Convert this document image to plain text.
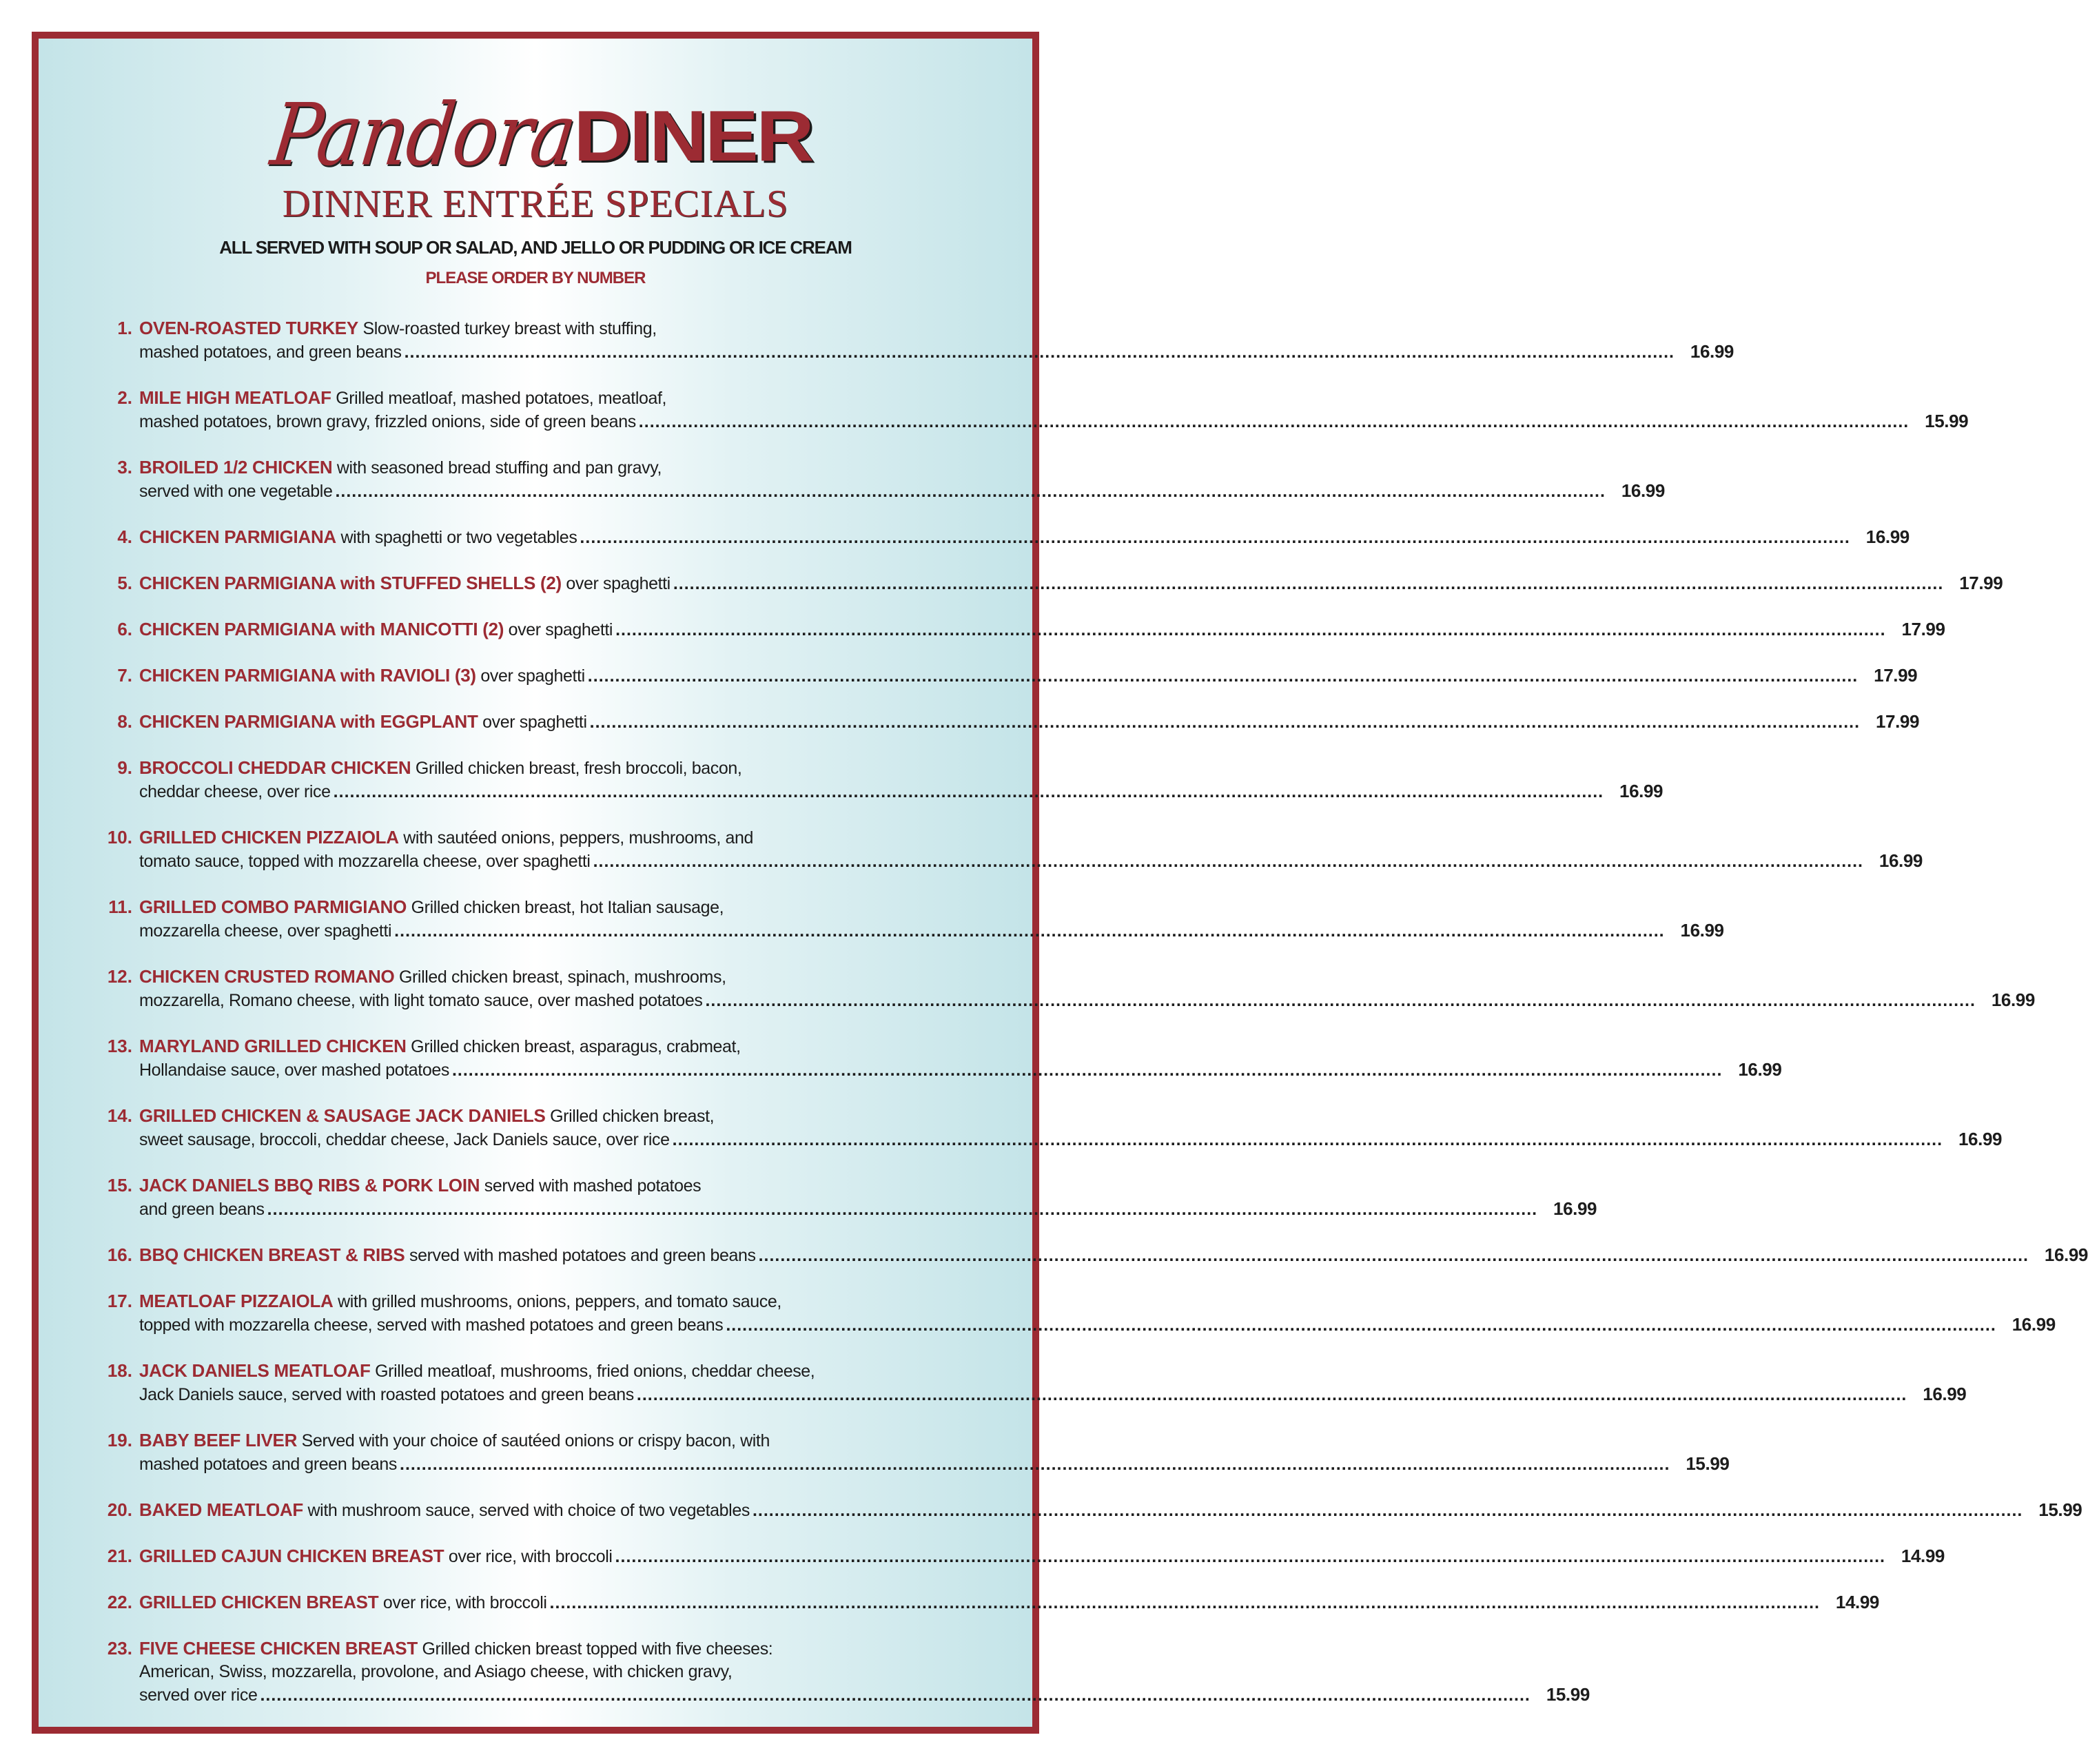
PandoraDINER
DINNER ENTRÉE SPECIALS
ALL SERVED WITH SOUP OR SALAD, AND JELLO OR PUDDING OR ICE CREAM
PLEASE ORDER BY NUMBER
1. OVEN-ROASTED TURKEY Slow-roasted turkey breast with stuffing,
mashed potatoes, and green beans .....	16.99
2. MILE HIGH MEATLOAF Grilled meatloaf, mashed potatoes, meatloaf,
mashed potatoes, brown gravy, frizzled onions, side of green beans .....	15.99
3. BROILED 1/2 CHICKEN with seasoned bread stuffing and pan gravy,
served with one vegetable .....	16.99
4. CHICKEN PARMIGIANA with spaghetti or two vegetables .....	16.99
5. CHICKEN PARMIGIANA with STUFFED SHELLS (2) over spaghetti .....	17.99
6. CHICKEN PARMIGIANA with MANICOTTI (2) over spaghetti .....	17.99
7. CHICKEN PARMIGIANA with RAVIOLI (3) over spaghetti .....	17.99
8. CHICKEN PARMIGIANA with EGGPLANT over spaghetti .....	17.99
9. BROCCOLI CHEDDAR CHICKEN Grilled chicken breast, fresh broccoli, bacon,
cheddar cheese, over rice .....	16.99
10. GRILLED CHICKEN PIZZAIOLA with sautéed onions, peppers, mushrooms, and
tomato sauce, topped with mozzarella cheese, over spaghetti .....	16.99
11. GRILLED COMBO PARMIGIANO Grilled chicken breast, hot Italian sausage,
mozzarella cheese, over spaghetti .....	16.99
12. CHICKEN CRUSTED ROMANO Grilled chicken breast, spinach, mushrooms,
mozzarella, Romano cheese, with light tomato sauce, over mashed potatoes .....	16.99
13. MARYLAND GRILLED CHICKEN Grilled chicken breast, asparagus, crabmeat,
Hollandaise sauce, over mashed potatoes .....	16.99
14. GRILLED CHICKEN & SAUSAGE JACK DANIELS Grilled chicken breast,
sweet sausage, broccoli, cheddar cheese, Jack Daniels sauce, over rice .....	16.99
15. JACK DANIELS BBQ RIBS & PORK LOIN served with mashed potatoes
and green beans .....	16.99
16. BBQ CHICKEN BREAST & RIBS served with mashed potatoes and green beans .....	16.99
17. MEATLOAF PIZZAIOLA with grilled mushrooms, onions, peppers, and tomato sauce,
topped with mozzarella cheese, served with mashed potatoes and green beans .....	16.99
18. JACK DANIELS MEATLOAF Grilled meatloaf, mushrooms, fried onions, cheddar cheese,
Jack Daniels sauce, served with roasted potatoes and green beans .....	16.99
19. BABY BEEF LIVER Served with your choice of sautéed onions or crispy bacon, with
mashed potatoes and green beans .....	15.99
20. BAKED MEATLOAF with mushroom sauce, served with choice of two vegetables .....	15.99
21. GRILLED CAJUN CHICKEN BREAST over rice, with broccoli .....	14.99
22. GRILLED CHICKEN BREAST over rice, with broccoli .....	14.99
23. FIVE CHEESE CHICKEN BREAST Grilled chicken breast topped with five cheeses:
American, Swiss, mozzarella, provolone, and Asiago cheese, with chicken gravy,
served over rice .....	15.99
